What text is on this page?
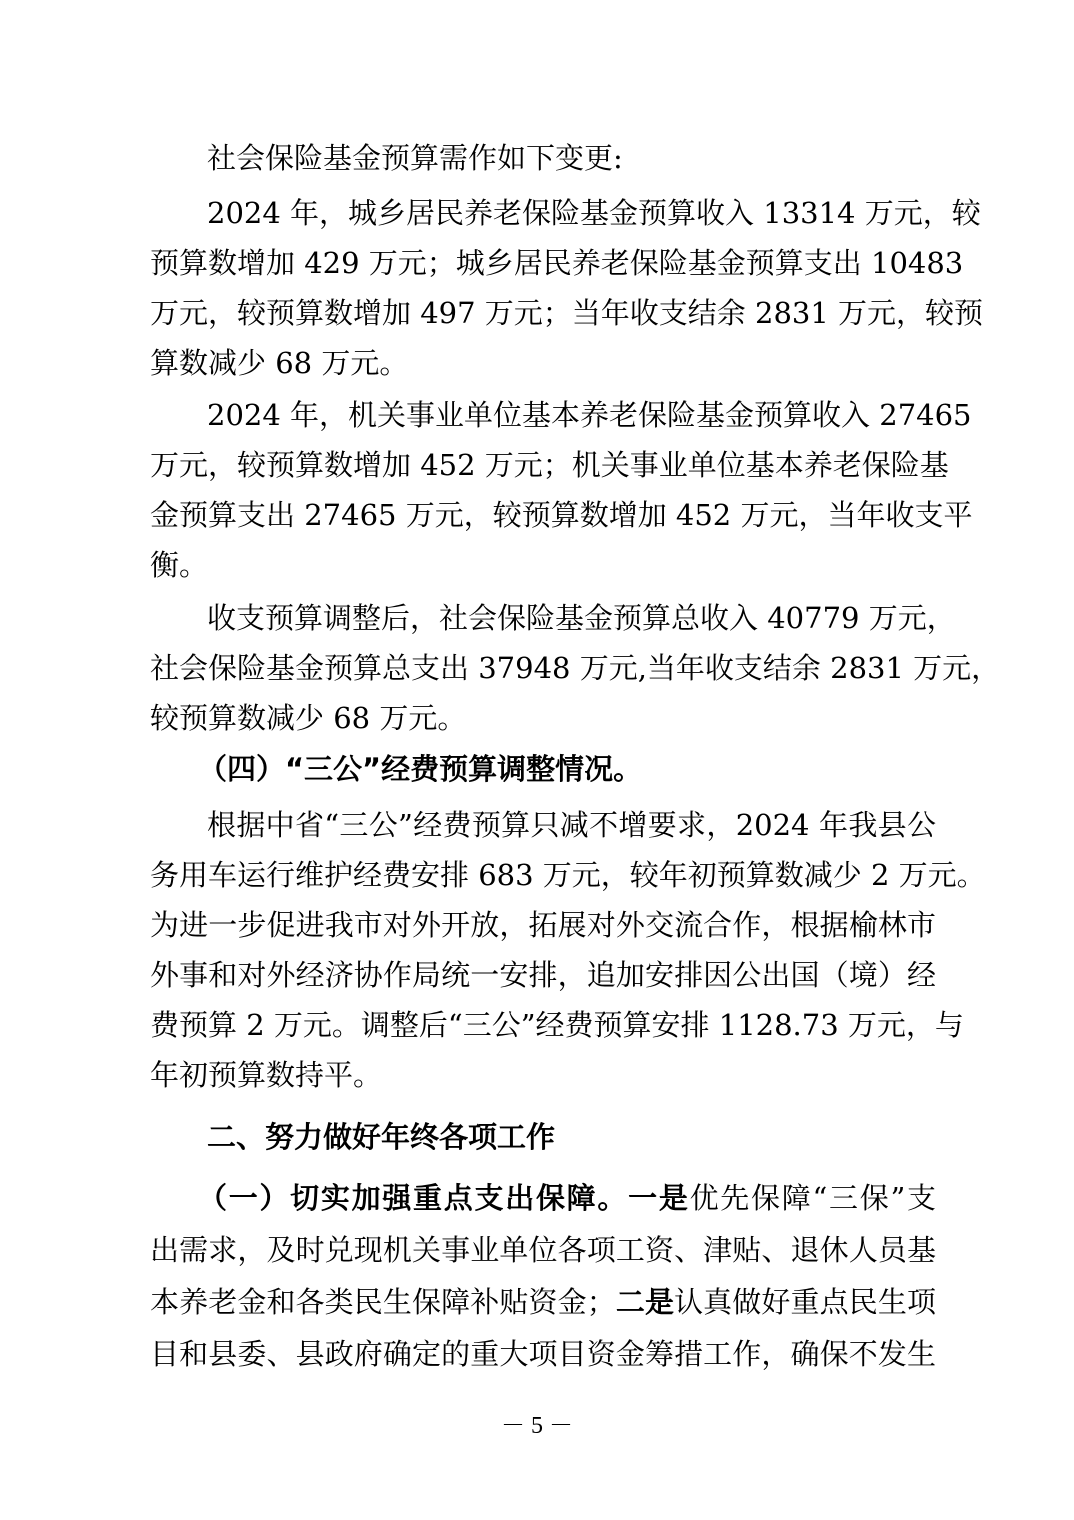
社会保险基金预算需作如下变更:
2024 年，城乡居民养老保险基金预算收入 13314 万元，较
预算数增加 429 万元；城乡居民养老保险基金预算支出 10483
万元，较预算数增加 497 万元；当年收支结余 2831 万元，较预
算数减少 68 万元。
2024 年，机关事业单位基本养老保险基金预算收入 27465
万元，较预算数增加 452 万元；机关事业单位基本养老保险基
金预算支出 27465 万元，较预算数增加 452 万元，当年收支平
衡。
收支预算调整后，社会保险基金预算总收入 40779 万元，
社会保险基金预算总支出 37948 万元,当年收支结余 2831 万元，
较预算数减少 68 万元。
（四）“三公”经费预算调整情况。
根据中省“三公”经费预算只减不增要求，2024 年我县公
务用车运行维护经费安排 683 万元，较年初预算数减少 2 万元。
为进一步促进我市对外开放，拓展对外交流合作，根据榆林市
外事和对外经济协作局统一安排，追加安排因公出国（境）经
费预算 2 万元。调整后“三公”经费预算安排 1128.73 万元，与
年初预算数持平。
二、努力做好年终各项工作
（一）切实加强重点支出保障。一是优先保障“三保”支
出需求，及时兑现机关事业单位各项工资、津贴、退休人员基
本养老金和各类民生保障补贴资金；二是认真做好重点民生项
目和县委、县政府确定的重大项目资金筹措工作，确保不发生
－ 5 －
